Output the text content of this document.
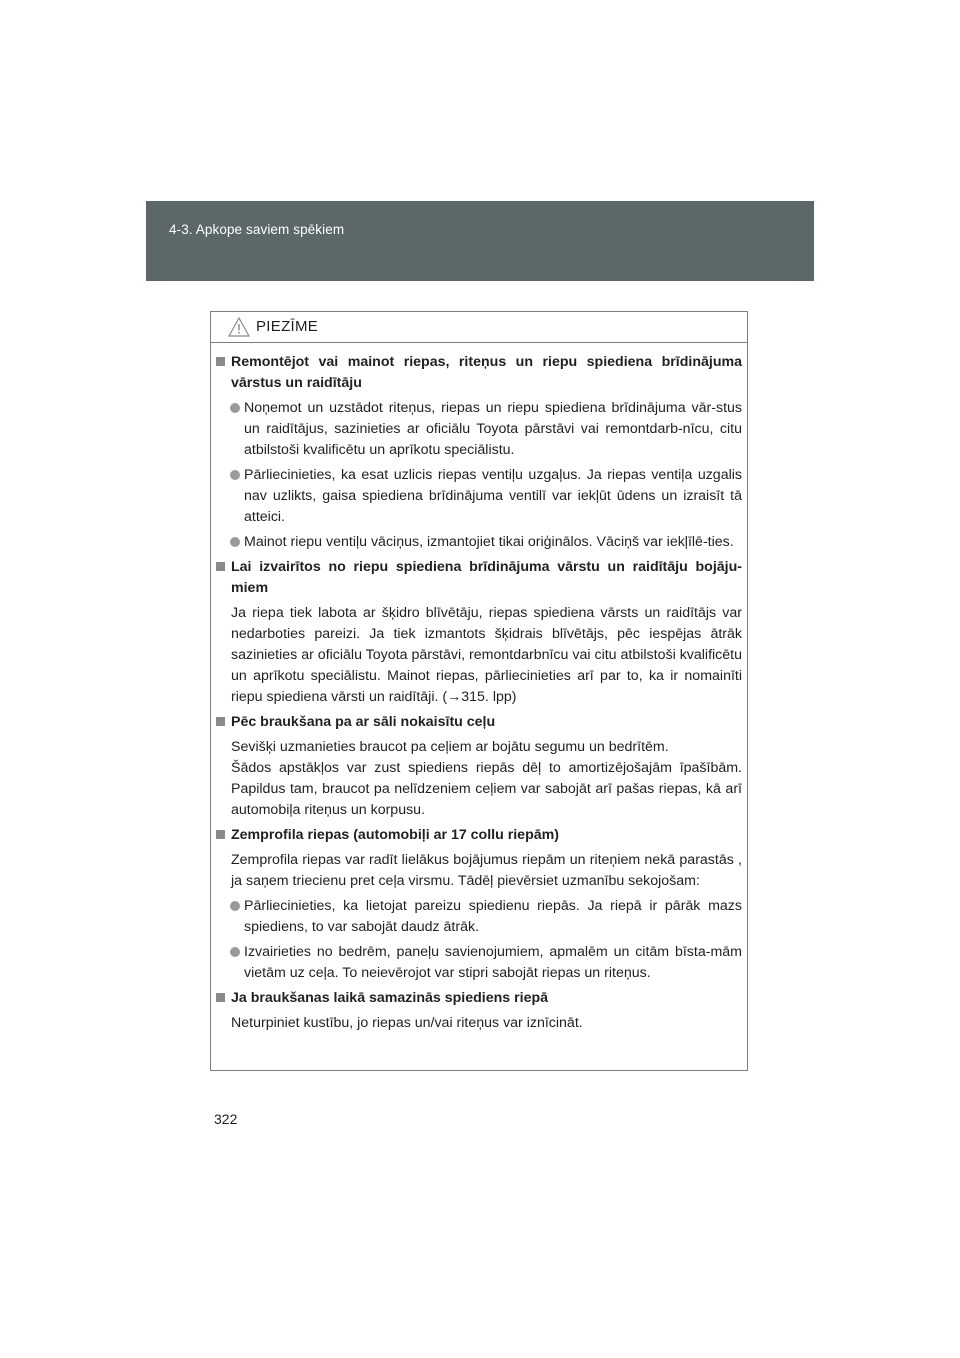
4-3. Apkope saviem spēkiem
PIEZĪME
Remontējot vai mainot riepas, riteņus un riepu spiediena brīdinājuma vārstus un raidītāju
Noņemot un uzstādot riteņus, riepas un riepu spiediena brīdinājuma vār-stus un raidītājus, sazinieties ar oficiālu Toyota pārstāvi vai remontdarb-nīcu, citu atbilstoši kvalificētu un aprīkotu speciālistu.
Pārliecinieties, ka esat uzlicis riepas ventiļu uzgaļus. Ja riepas ventiļa uzgalis nav uzlikts, gaisa spiediena brīdinājuma ventilī var iekļūt ūdens un izraisīt tā atteici.
Mainot riepu ventiļu vāciņus, izmantojiet tikai oriģinālos. Vāciņš var iekļīlē-ties.
Lai izvairītos no riepu spiediena brīdinājuma vārstu un raidītāju bojāju-miem
Ja riepa tiek labota ar šķidro blīvētāju, riepas spiediena vārsts un raidītājs var nedarboties pareizi. Ja tiek izmantots šķidrais blīvētājs, pēc iespējas ātrāk sazinieties ar oficiālu Toyota pārstāvi, remontdarbnīcu vai citu atbilstoši kvalificētu un aprīkotu speciālistu. Mainot riepas, pārliecinieties arī par to, ka ir nomainīti riepu spiediena vārsti un raidītāji. (→315. lpp)
Pēc braukšana pa ar sāli nokaisītu ceļu
Sevišķi uzmanieties braucot pa ceļiem ar bojātu segumu un bedrītēm.
Šādos apstākļos var zust spiediens riepās dēļ to amortizējošajām īpašībām. Papildus tam, braucot pa nelīdzeniem ceļiem var sabojāt arī pašas riepas, kā arī automobiļa riteņus un korpusu.
Zemprofila riepas (automobiļi ar 17 collu riepām)
Zemprofila riepas var radīt lielākus bojājumus riepām un riteņiem nekā parastās , ja saņem triecienu pret ceļa virsmu. Tādēļ pievērsiet uzmanību sekojošam:
Pārliecinieties, ka lietojat pareizu spiedienu riepās. Ja riepā ir pārāk mazs spiediens, to var sabojāt daudz ātrāk.
Izvairieties no bedrēm, paneļu savienojumiem, apmalēm un citām bīsta-mām vietām uz ceļa. To neievērojot var stipri sabojāt riepas un riteņus.
Ja braukšanas laikā samazinās spiediens riepā
Neturpiniet kustību, jo riepas un/vai riteņus var iznīcināt.
322
